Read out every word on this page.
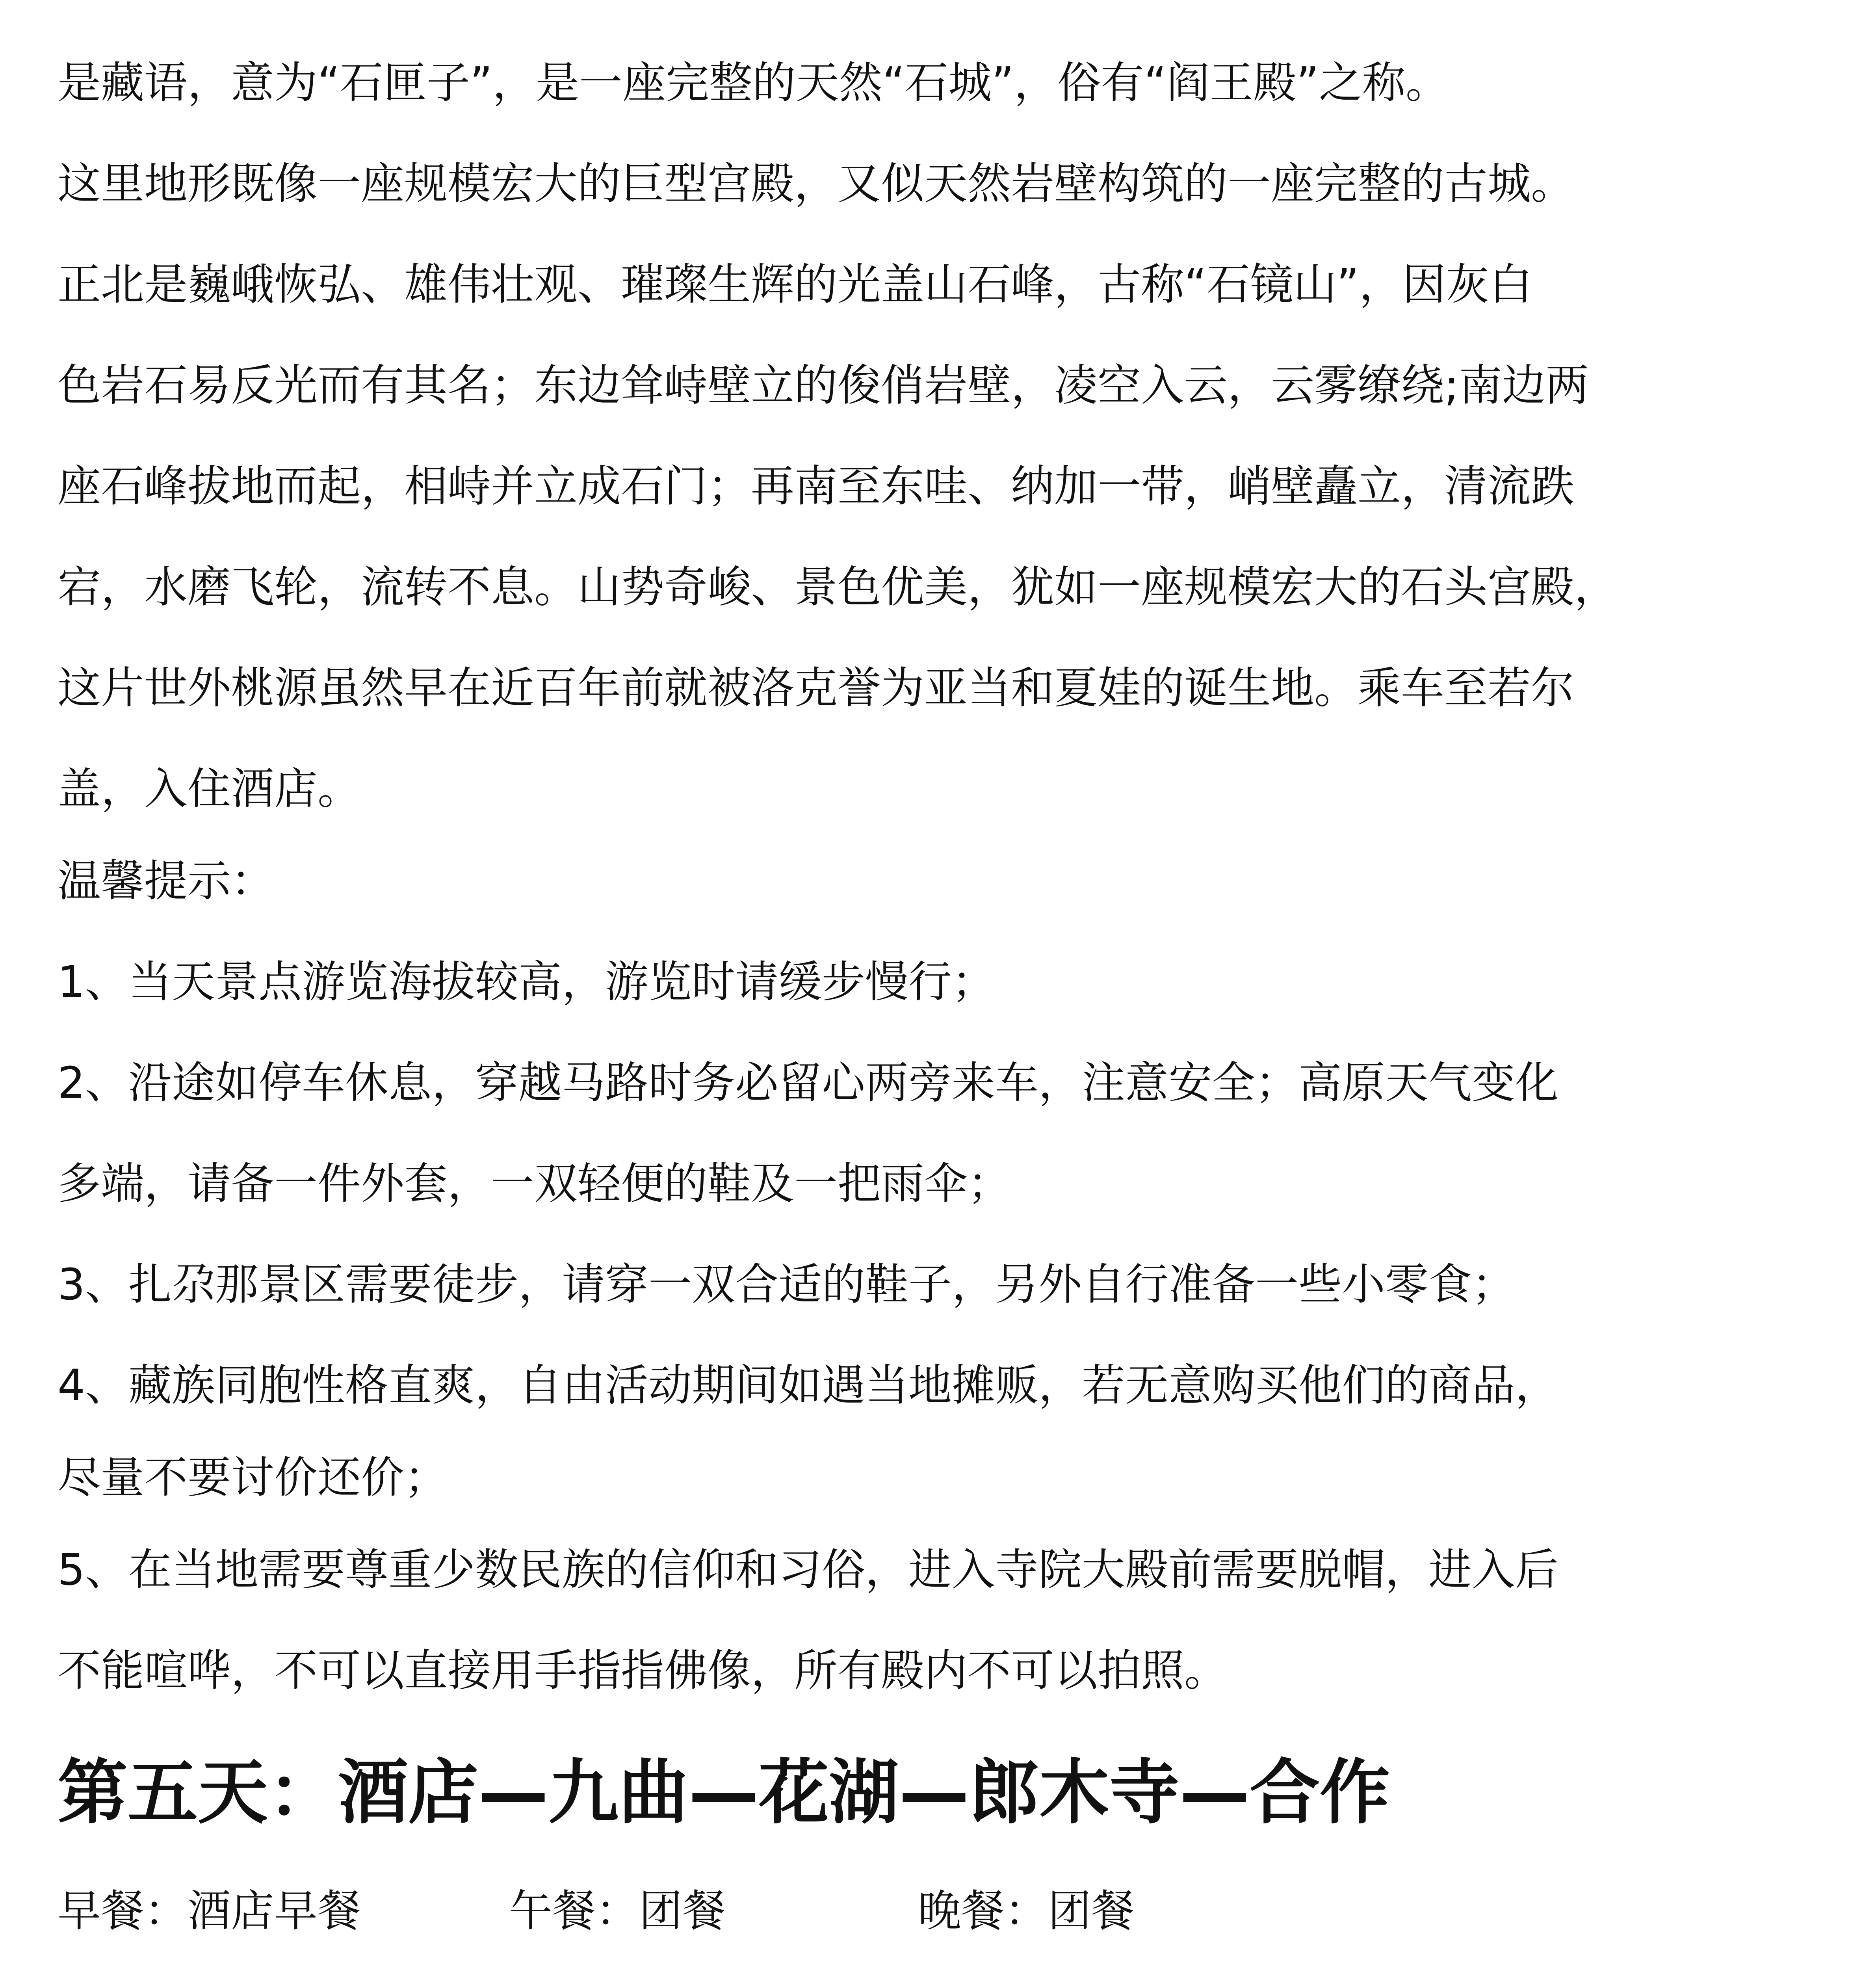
是藏语，意为“石匣子”，是一座完整的天然“石城”，俗有“阎王殿”之称。
这里地形既像一座规模宏大的巨型宫殿，又似天然岩壁构筑的一座完整的古城。
正北是巍峨恢弘、雄伟壮观、璀璨生辉的光盖山石峰，古称“石镜山”，因灰白
色岩石易反光而有其名；东边耸峙壁立的俊俏岩壁，凌空入云，云雾缭绕;南边两
座石峰拔地而起，相峙并立成石门；再南至东哇、纳加一带，峭壁矗立，清流跌
宕，水磨飞轮，流转不息。山势奇峻、景色优美，犹如一座规模宏大的石头宫殿，
这片世外桃源虽然早在近百年前就被洛克誉为亚当和夏娃的诞生地。乘车至若尔
盖，入住酒店。
温馨提示：
1、当天景点游览海拔较高，游览时请缓步慢行；
2、沿途如停车休息，穿越马路时务必留心两旁来车，注意安全；高原天气变化
多端，请备一件外套，一双轻便的鞋及一把雨伞；
3、扎尕那景区需要徒步，请穿一双合适的鞋子，另外自行准备一些小零食；
4、藏族同胞性格直爽，自由活动期间如遇当地摊贩，若无意购买他们的商品，
尽量不要讨价还价；
5、在当地需要尊重少数民族的信仰和习俗，进入寺院大殿前需要脱帽，进入后
不能喧哗，不可以直接用手指指佛像，所有殿内不可以拍照。
第五天：酒店—九曲—花湖—郎木寺—合作
早餐：酒店早餐	午餐：团餐	晚餐：团餐
